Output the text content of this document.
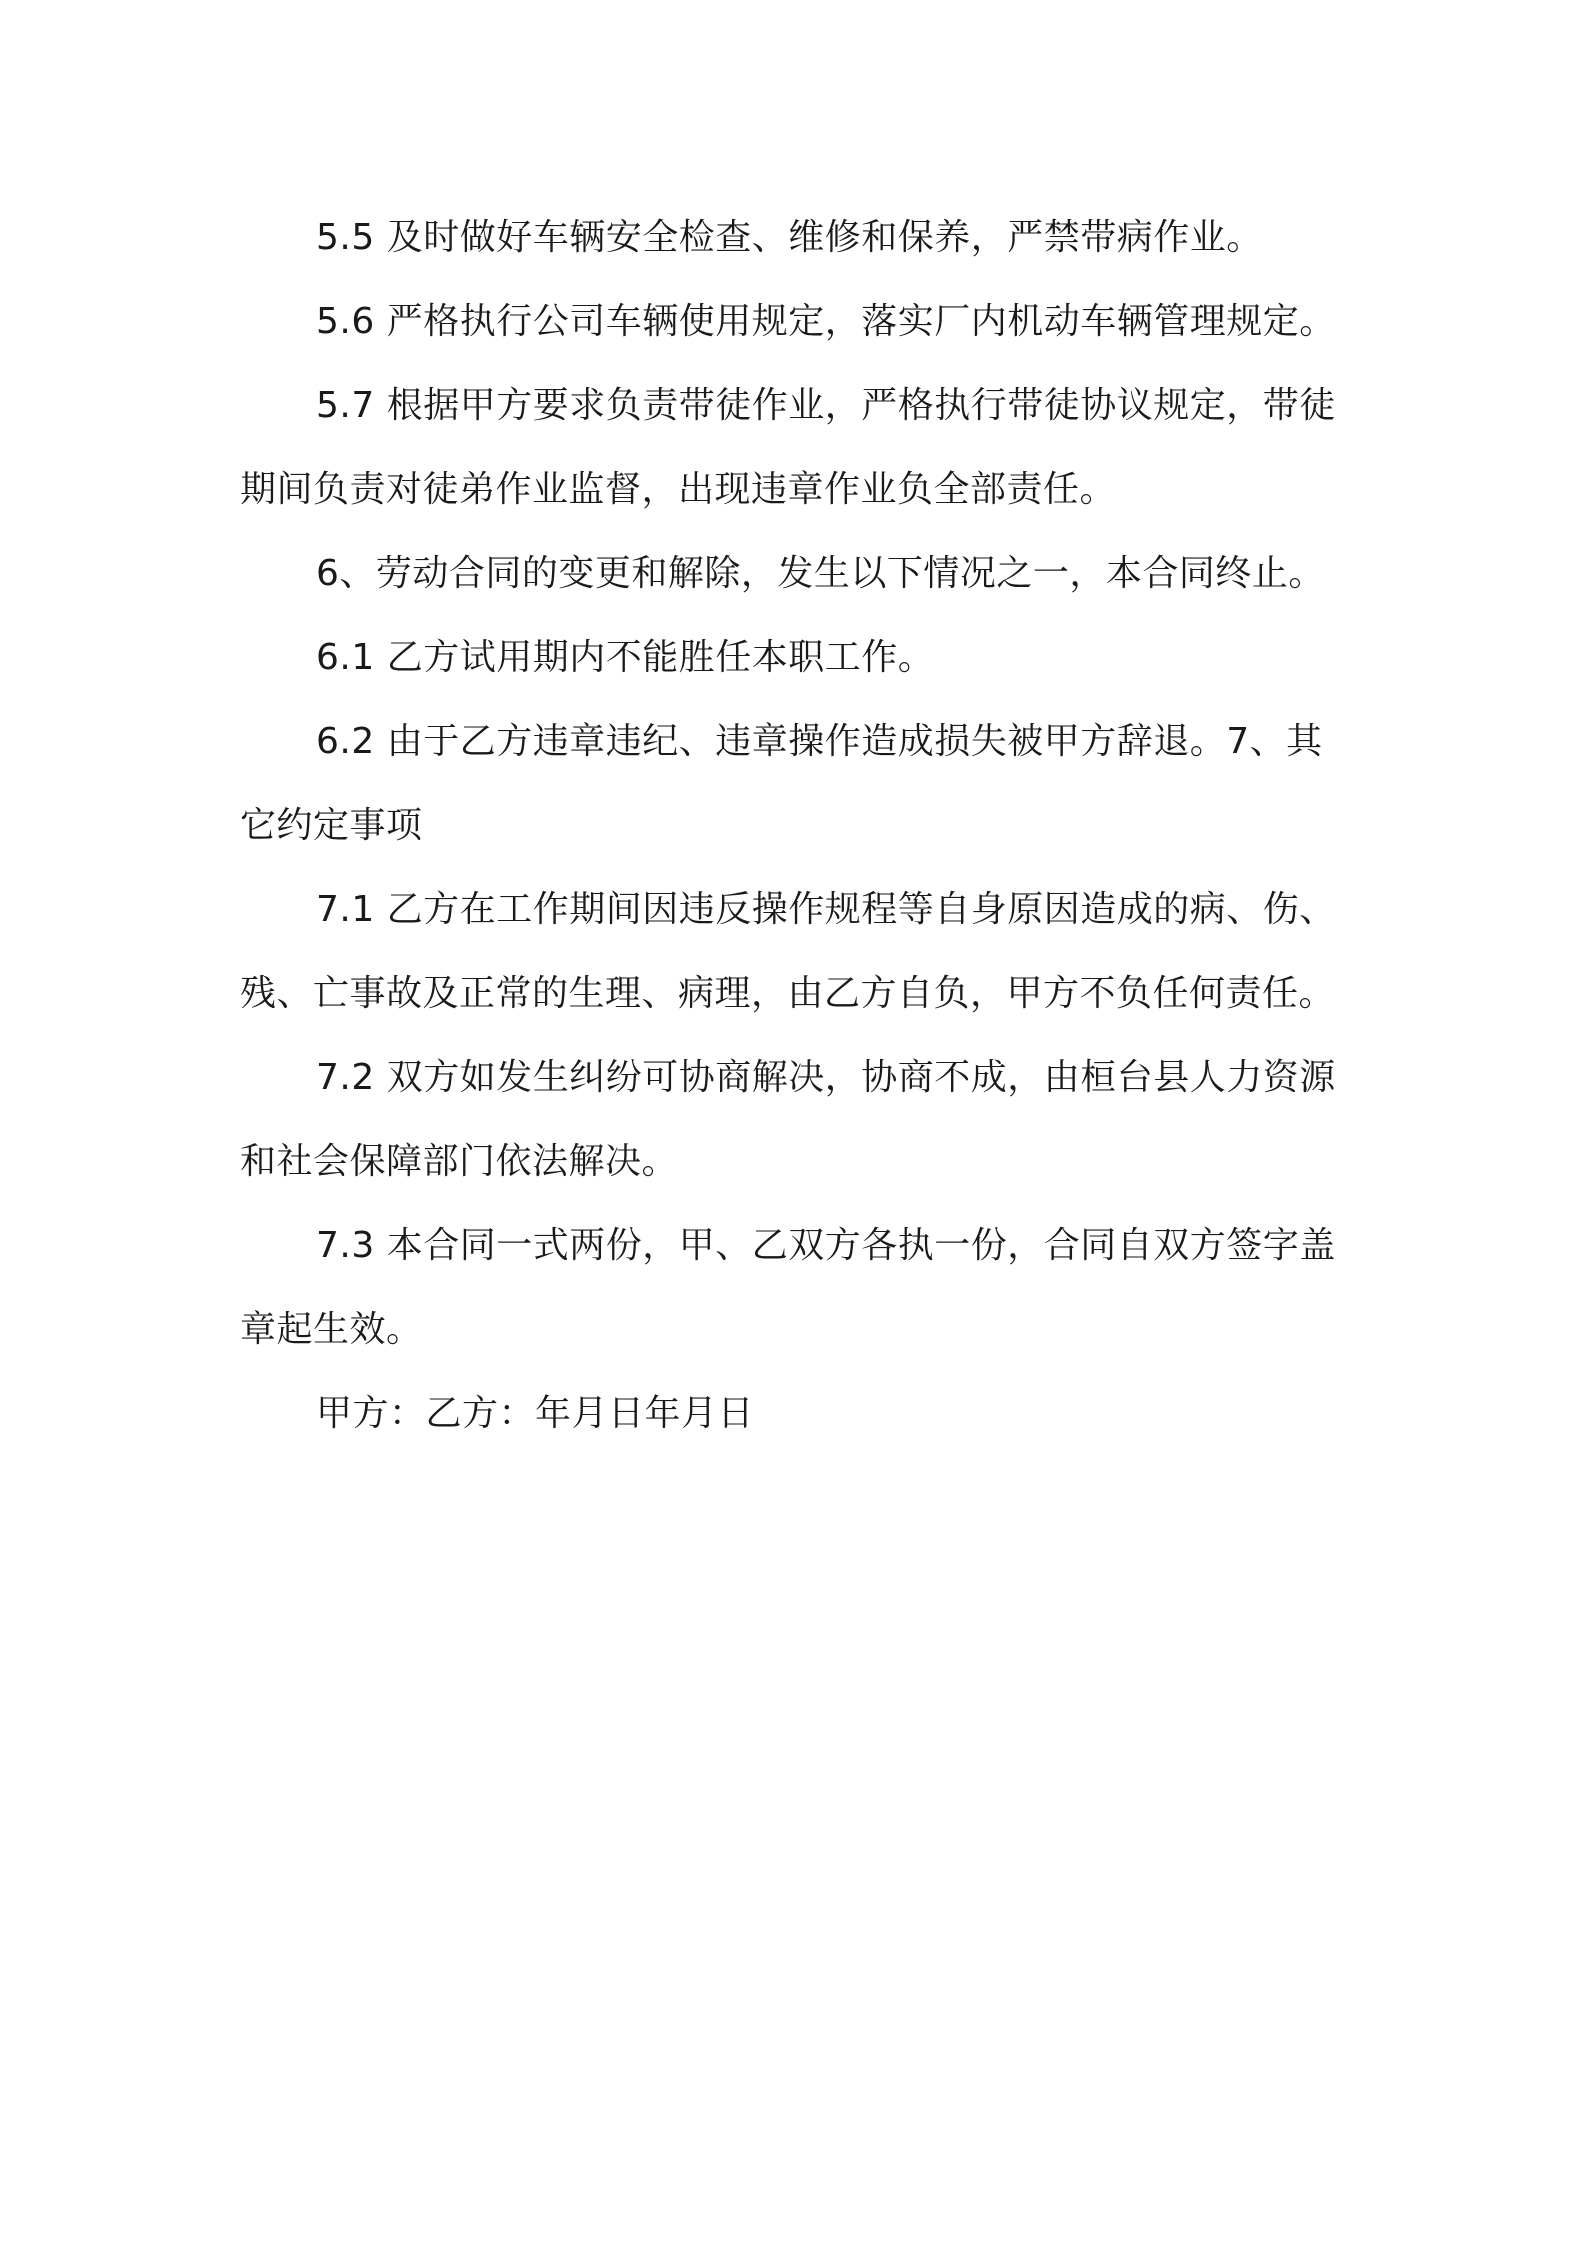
5.5 及时做好车辆安全检查、维修和保养，严禁带病作业。

5.6 严格执行公司车辆使用规定，落实厂内机动车辆管理规定。

5.7 根据甲方要求负责带徒作业，严格执行带徒协议规定，带徒期间负责对徒弟作业监督，出现违章作业负全部责任。

6、劳动合同的变更和解除，发生以下情况之一，本合同终止。

6.1 乙方试用期内不能胜任本职工作。

6.2 由于乙方违章违纪、违章操作造成损失被甲方辞退。7、其它约定事项

7.1 乙方在工作期间因违反操作规程等自身原因造成的病、伤、残、亡事故及正常的生理、病理，由乙方自负，甲方不负任何责任。

7.2 双方如发生纠纷可协商解决，协商不成，由桓台县人力资源和社会保障部门依法解决。

7.3 本合同一式两份，甲、乙双方各执一份，合同自双方签字盖章起生效。

甲方：乙方：年月日年月日
